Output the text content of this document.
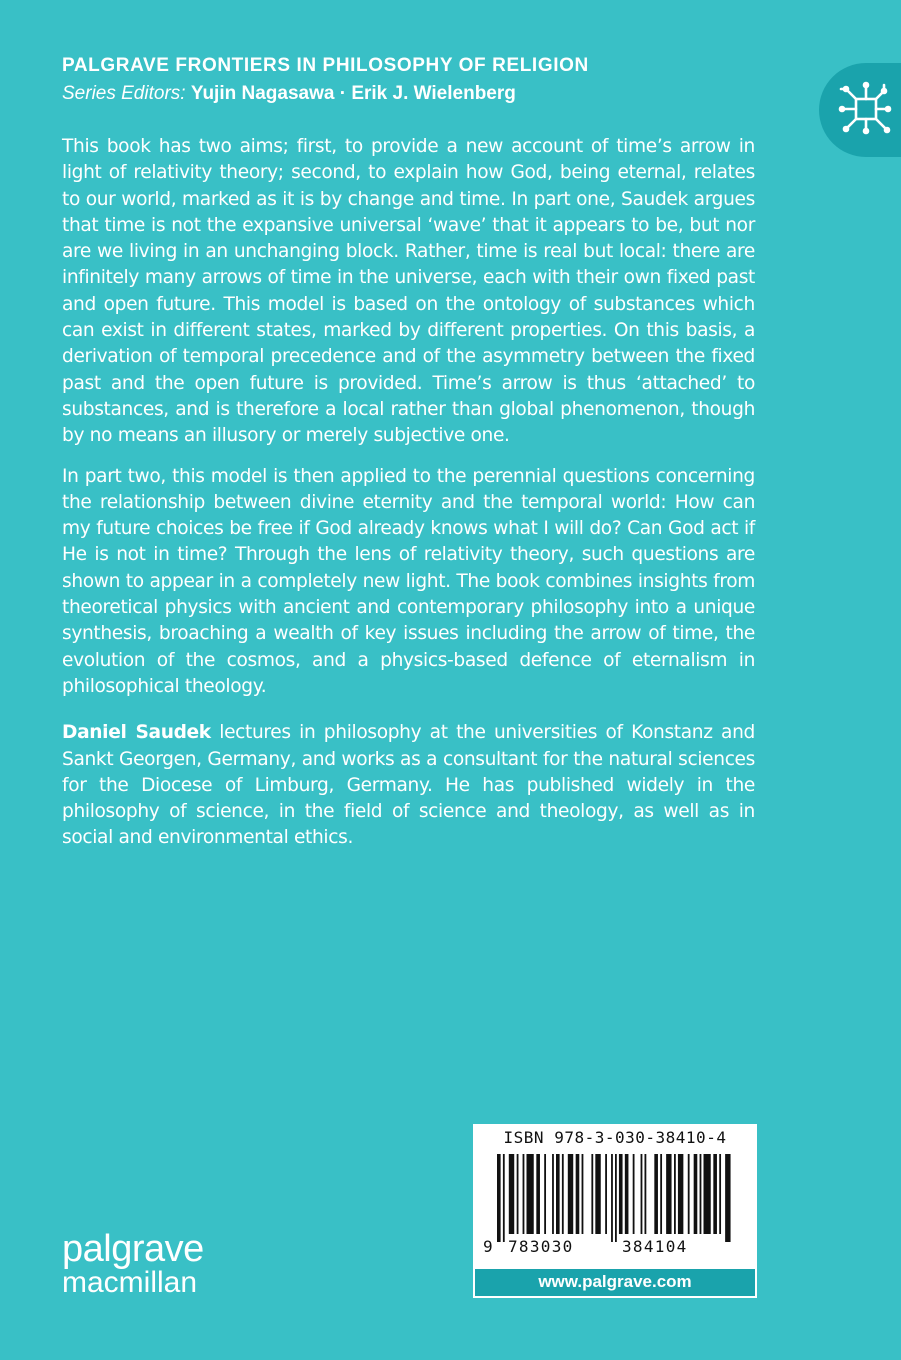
PALGRAVE FRONTIERS IN PHILOSOPHY OF RELIGION
Series Editors: Yujin Nagasawa · Erik J. Wielenberg

This book has two aims; first, to provide a new account of time’s arrow in light of relativity theory; second, to explain how God, being eternal, relates to our world, marked as it is by change and time. In part one, Saudek argues that time is not the expansive universal ‘wave’ that it appears to be, but nor are we living in an unchanging block. Rather, time is real but local: there are infinitely many arrows of time in the universe, each with their own fixed past and open future. This model is based on the ontology of substances which can exist in different states, marked by different properties. On this basis, a derivation of temporal precedence and of the asymmetry between the fixed past and the open future is provided. Time’s arrow is thus ‘attached’ to substances, and is therefore a local rather than global phenomenon, though by no means an illusory or merely subjective one.

In part two, this model is then applied to the perennial questions concerning the relationship between divine eternity and the temporal world: How can my future choices be free if God already knows what I will do? Can God act if He is not in time? Through the lens of relativity theory, such questions are shown to appear in a completely new light. The book combines insights from theoretical physics with ancient and contemporary philosophy into a unique synthesis, broaching a wealth of key issues including the arrow of time, the evolution of the cosmos, and a physics-based defence of eternalism in philosophical theology.

Daniel Saudek lectures in philosophy at the universities of Konstanz and Sankt Georgen, Germany, and works as a consultant for the natural sciences for the Diocese of Limburg, Germany. He has published widely in the philosophy of science, in the field of science and theology, as well as in social and environmental ethics.

palgrave
macmillan
ISBN 978-3-030-38410-4
9 783030	384104
www.palgrave.com
